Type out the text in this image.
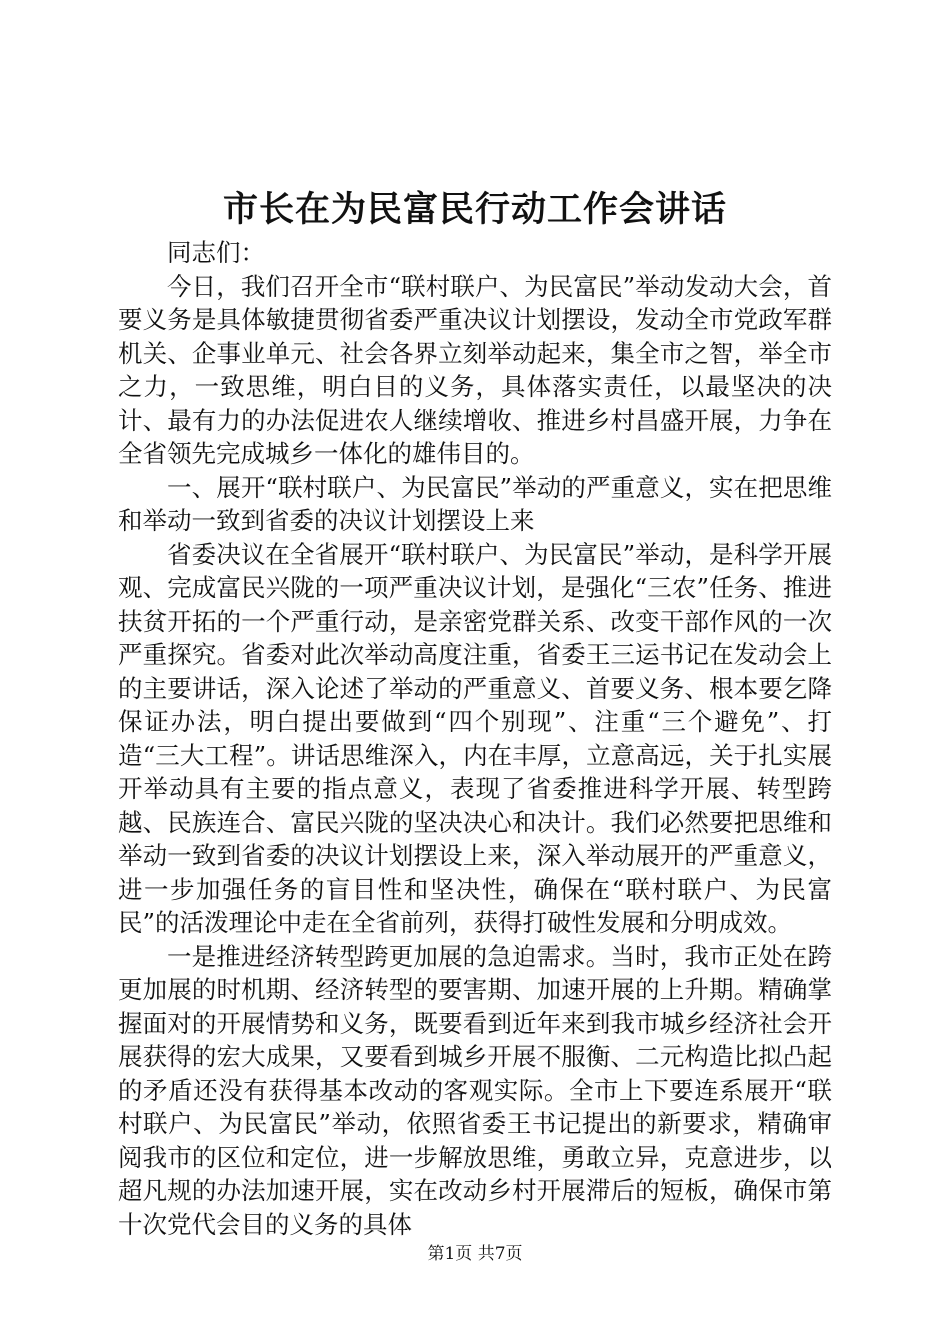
市长在为民富民行动工作会讲话

同志们：

今日，我们召开全市“联村联户、为民富民”举动发动大会，首要义务是具体敏捷贯彻省委严重决议计划摆设，发动全市党政军群机关、企事业单元、社会各界立刻举动起来，集全市之智，举全市之力，一致思维，明白目的义务，具体落实责任，以最坚决的决计、最有力的办法促进农人继续增收、推进乡村昌盛开展，力争在全省领先完成城乡一体化的雄伟目的。

一、展开“联村联户、为民富民”举动的严重意义，实在把思维和举动一致到省委的决议计划摆设上来

省委决议在全省展开“联村联户、为民富民”举动，是科学开展观、完成富民兴陇的一项严重决议计划，是强化“三农”任务、推进扶贫开拓的一个严重行动，是亲密党群关系、改变干部作风的一次严重探究。省委对此次举动高度注重，省委王三运书记在发动会上的主要讲话，深入论述了举动的严重意义、首要义务、根本要乞降保证办法，明白提出要做到“四个别现”、注重“三个避免”、打造“三大工程”。讲话思维深入，内在丰厚，立意高远，关于扎实展开举动具有主要的指点意义，表现了省委推进科学开展、转型跨越、民族连合、富民兴陇的坚决决心和决计。我们必然要把思维和举动一致到省委的决议计划摆设上来，深入举动展开的严重意义，进一步加强任务的盲目性和坚决性，确保在“联村联户、为民富民”的活泼理论中走在全省前列，获得打破性发展和分明成效。

一是推进经济转型跨更加展的急迫需求。当时，我市正处在跨更加展的时机期、经济转型的要害期、加速开展的上升期。精确掌握面对的开展情势和义务，既要看到近年来到我市城乡经济社会开展获得的宏大成果，又要看到城乡开展不服衡、二元构造比拟凸起的矛盾还没有获得基本改动的客观实际。全市上下要连系展开“联村联户、为民富民”举动，依照省委王书记提出的新要求，精确审阅我市的区位和定位，进一步解放思维，勇敢立异，克意进步，以超凡规的办法加速开展，实在改动乡村开展滞后的短板，确保市第十次党代会目的义务的具体

第1页 共7页
